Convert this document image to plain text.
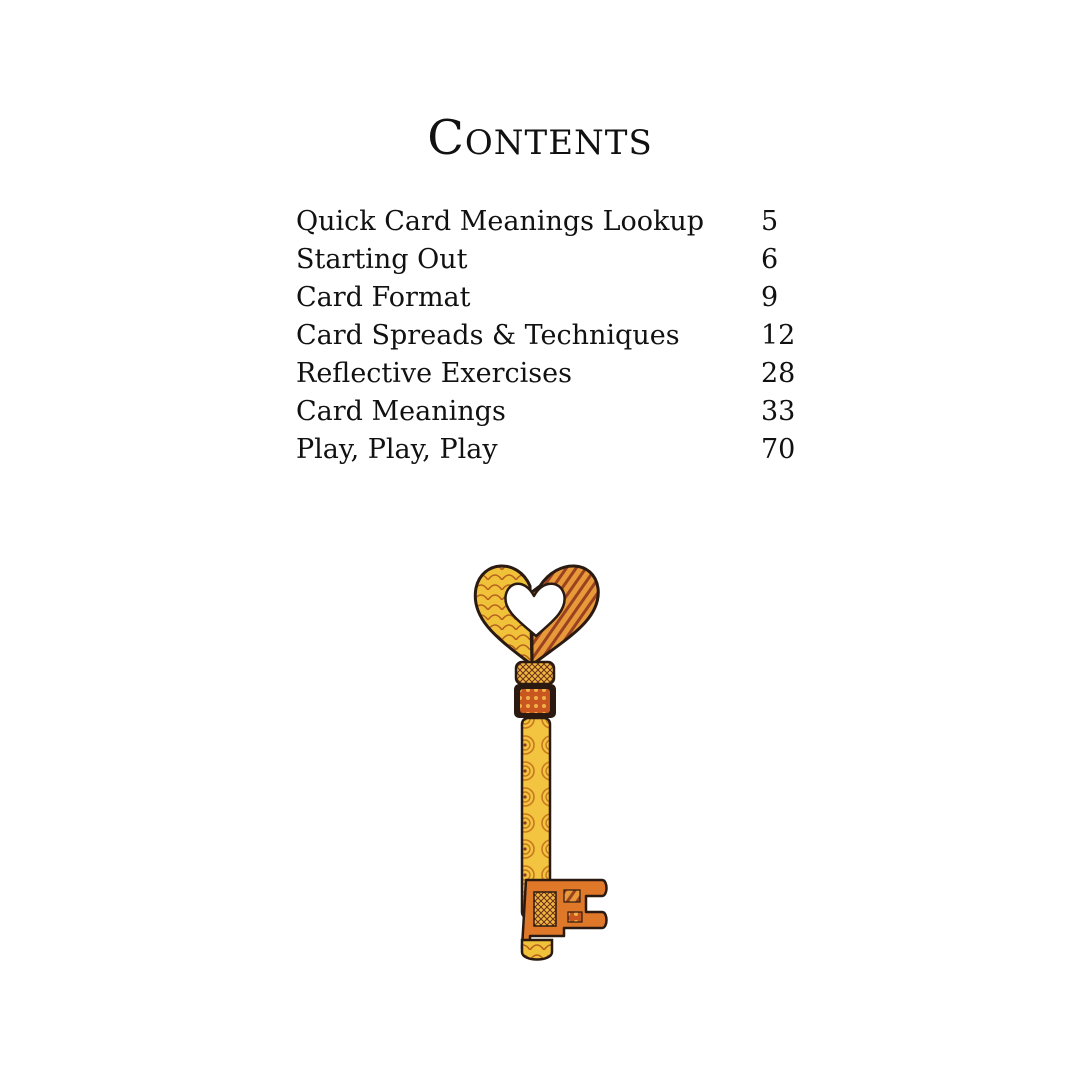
Contents
Quick Card Meanings Lookup 5
Starting Out	6
Card Format	9
Card Spreads & Techniques	12
Reflective Exercises	28
Card Meanings	33
Play, Play, Play	70
